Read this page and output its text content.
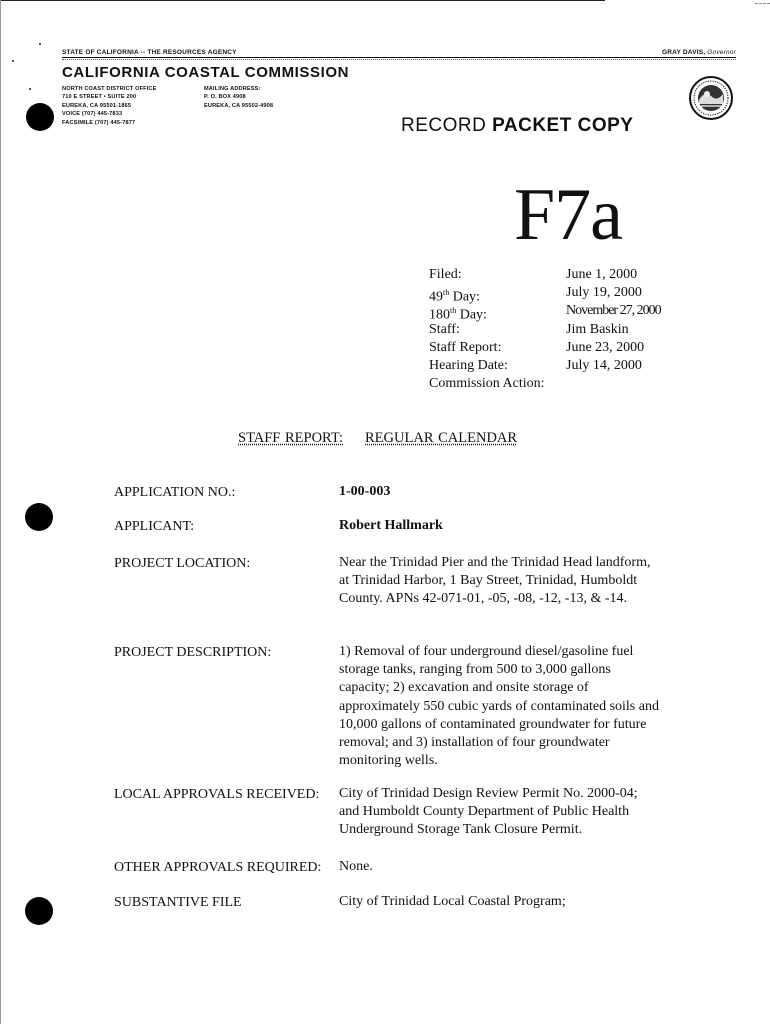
STATE OF CALIFORNIA -- THE RESOURCES AGENCY	GRAY DAVIS, Governor
CALIFORNIA COASTAL COMMISSION
NORTH COAST DISTRICT OFFICE
710 E STREET • SUITE 200
EUREKA, CA 95501-1865
VOICE (707) 445-7833
FACSIMILE (707) 445-7877
MAILING ADDRESS:
P. O. BOX 4908
EUREKA, CA 95502-4908
RECORD PACKET COPY
F7a
Filed:	June 1, 2000
49th Day:	July 19, 2000
180th Day:	November 27, 2000
Staff:	Jim Baskin
Staff Report:	June 23, 2000
Hearing Date:	July 14, 2000
Commission Action:
STAFF REPORT: REGULAR CALENDAR
APPLICATION NO.:	1-00-003
APPLICANT:	Robert Hallmark
PROJECT LOCATION:	Near the Trinidad Pier and the Trinidad Head landform, at Trinidad Harbor, 1 Bay Street, Trinidad, Humboldt County. APNs 42-071-01, -05, -08, -12, -13, & -14.
PROJECT DESCRIPTION:	1) Removal of four underground diesel/gasoline fuel storage tanks, ranging from 500 to 3,000 gallons capacity; 2) excavation and onsite storage of approximately 550 cubic yards of contaminated soils and 10,000 gallons of contaminated groundwater for future removal; and 3) installation of four groundwater monitoring wells.
LOCAL APPROVALS RECEIVED: City of Trinidad Design Review Permit No. 2000-04; and Humboldt County Department of Public Health Underground Storage Tank Closure Permit.
OTHER APPROVALS REQUIRED: None.
SUBSTANTIVE FILE	City of Trinidad Local Coastal Program;
